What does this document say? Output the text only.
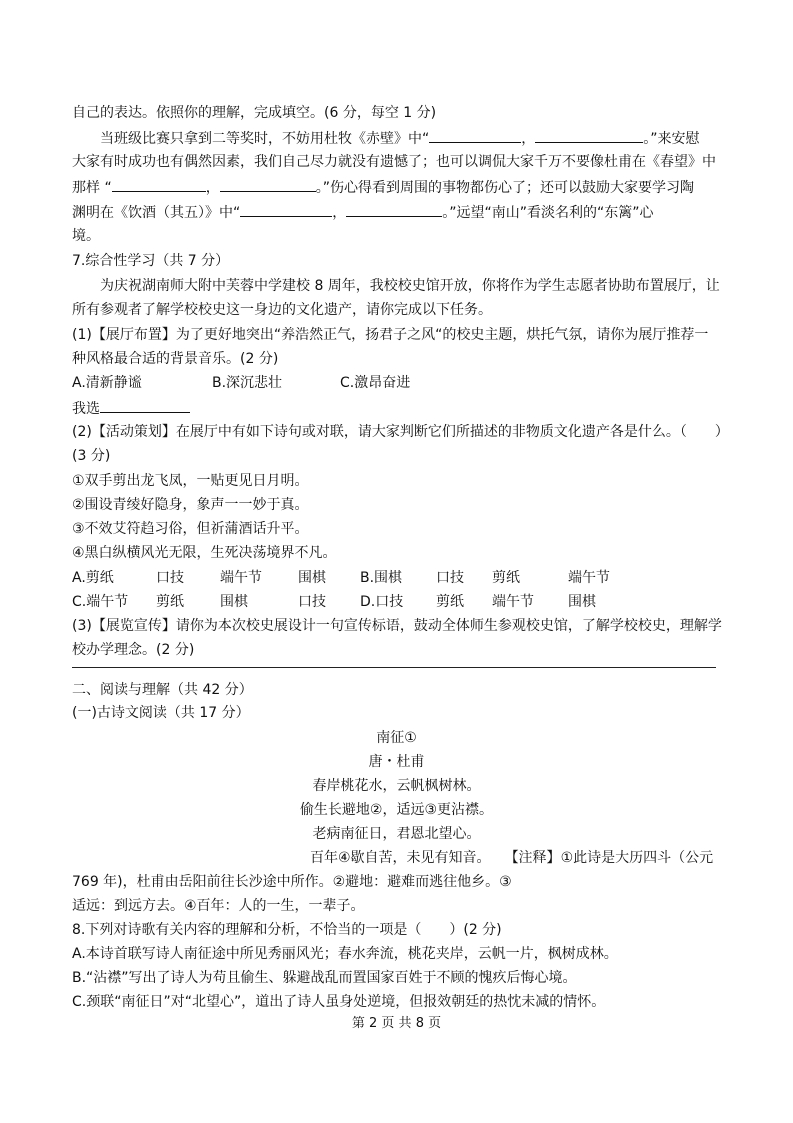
自己的表达。依照你的理解，完成填空。(6 分，每空 1 分)
当班级比赛只拿到二等奖时，不妨用杜牧《赤壁》中“	，	。”来安慰
大家有时成功也有偶然因素，我们自己尽力就没有遗憾了；也可以调侃大家千万不要像杜甫在《春望》中
那样 “	，	。”伤心得看到周围的事物都伤心了；还可以鼓励大家要学习陶
渊明在《饮酒（其五）》中“	，	。”远望“南山”看淡名利的“东篱”心
境。
7.综合性学习（共 7 分）
为庆祝湖南师大附中芙蓉中学建校 8 周年，我校校史馆开放，你将作为学生志愿者协助布置展厅，让
所有参观者了解学校校史这一身边的文化遗产，请你完成以下任务。
(1)【展厅布置】为了更好地突出“养浩然正气，扬君子之风“的校史主题，烘托气氛，请你为展厅推荐一
种风格最合适的背景音乐。(2 分)
A.清新静谧	B.深沉悲壮	C.激昂奋进
我选
(2)【活动策划】在展厅中有如下诗句或对联，请大家判断它们所描述的非物质文化遗产各是什么。（　　）
(3 分)
①双手剪出龙飞凤，一贴更见日月明。
②围设青绫好隐身，象声一一妙于真。
③不效艾符趋习俗，但祈蒲酒话升平。
④黑白纵横风光无限，生死决荡境界不凡。
A.剪纸	口技	端午节	围棋 B.围棋 口技 剪纸	端午节
C.端午节 剪纸	围棋	口技 D.口技 剪纸 端午节 围棋
(3)【展览宣传】请你为本次校史展设计一句宣传标语，鼓动全体师生参观校史馆，了解学校校史，理解学
校办学理念。(2 分)
二、阅读与理解（共 42 分）
(一)古诗文阅读（共 17 分）
南征①
唐・杜甫
春岸桃花水，云帆枫树林。
偷生长避地②，适远③更沾襟。
老病南征日，君恩北望心。
百年④歇自苦，未见有知音。 【注释】①此诗是大历四斗（公元
769 年)，杜甫由岳阳前往长沙途中所作。②避地：避难而逃往他乡。③
适远：到远方去。④百年：人的一生，一辈子。
8.下列对诗歌有关内容的理解和分析，不恰当的一项是（　　）(2 分)
A.本诗首联写诗人南征途中所见秀丽风光；春水奔流，桃花夹岸，云帆一片，枫树成林。
B.“沾襟”写出了诗人为苟且偷生、躲避战乱而置国家百姓于不顾的愧疚后悔心境。
C.颈联“南征日”对“北望心”，道出了诗人虽身处逆境，但报效朝廷的热忱未减的情怀。
第 2 页 共 8 页
